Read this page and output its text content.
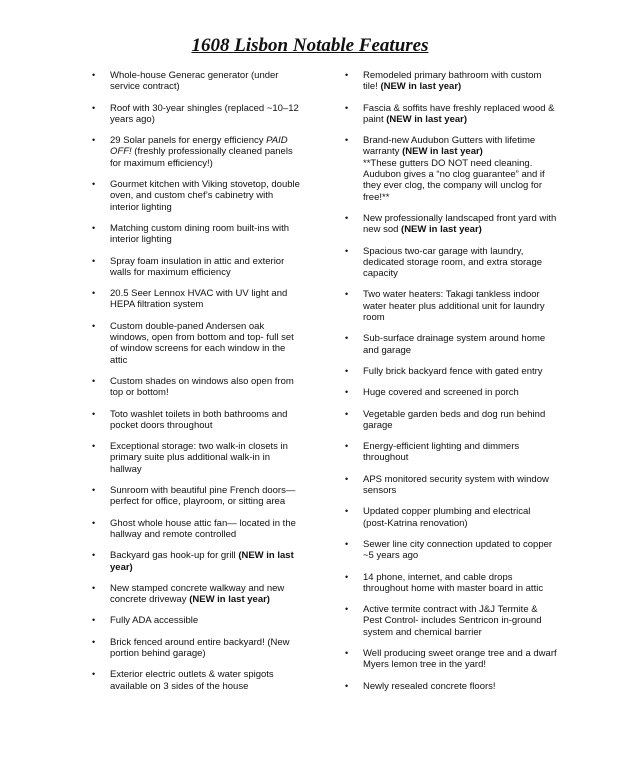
1608 Lisbon Notable Features
• Whole-house Generac generator (under service contract)
• Roof with 30-year shingles (replaced ~10–12 years ago)
• 29 Solar panels for energy efficiency PAID OFF! (freshly professionally cleaned panels for maximum efficiency!)
• Gourmet kitchen with Viking stovetop, double oven, and custom chef’s cabinetry with interior lighting
• Matching custom dining room built-ins with interior lighting
• Spray foam insulation in attic and exterior walls for maximum efficiency
• 20.5 Seer Lennox HVAC with UV light and HEPA filtration system
• Custom double-paned Andersen oak windows, open from bottom and top- full set of window screens for each window in the attic
• Custom shades on windows also open from top or bottom!
• Toto washlet toilets in both bathrooms and pocket doors throughout
• Exceptional storage: two walk-in closets in primary suite plus additional walk-in in hallway
• Sunroom with beautiful pine French doors—perfect for office, playroom, or sitting area
• Ghost whole house attic fan— located in the hallway and remote controlled
• Backyard gas hook-up for grill (NEW in last year)
• New stamped concrete walkway and new concrete driveway (NEW in last year)
• Fully ADA accessible
• Brick fenced around entire backyard! (New portion behind garage)
• Exterior electric outlets & water spigots available on 3 sides of the house
• Remodeled primary bathroom with custom tile! (NEW in last year)
• Fascia & soffits have freshly replaced wood & paint (NEW in last year)
• Brand-new Audubon Gutters with lifetime warranty (NEW in last year)
**These gutters DO NOT need cleaning. Audubon gives a “no clog guarantee” and if they ever clog, the company will unclog for free!**
• New professionally landscaped front yard with new sod (NEW in last year)
• Spacious two-car garage with laundry, dedicated storage room, and extra storage capacity
• Two water heaters: Takagi tankless indoor water heater plus additional unit for laundry room
• Sub-surface drainage system around home and garage
• Fully brick backyard fence with gated entry
• Huge covered and screened in porch
• Vegetable garden beds and dog run behind garage
• Energy-efficient lighting and dimmers throughout
• APS monitored security system with window sensors
• Updated copper plumbing and electrical (post-Katrina renovation)
• Sewer line city connection updated to copper ~5 years ago
• 14 phone, internet, and cable drops throughout home with master board in attic
• Active termite contract with J&J Termite & Pest Control- includes Sentricon in-ground system and chemical barrier
• Well producing sweet orange tree and a dwarf Myers lemon tree in the yard!
• Newly resealed concrete floors!
